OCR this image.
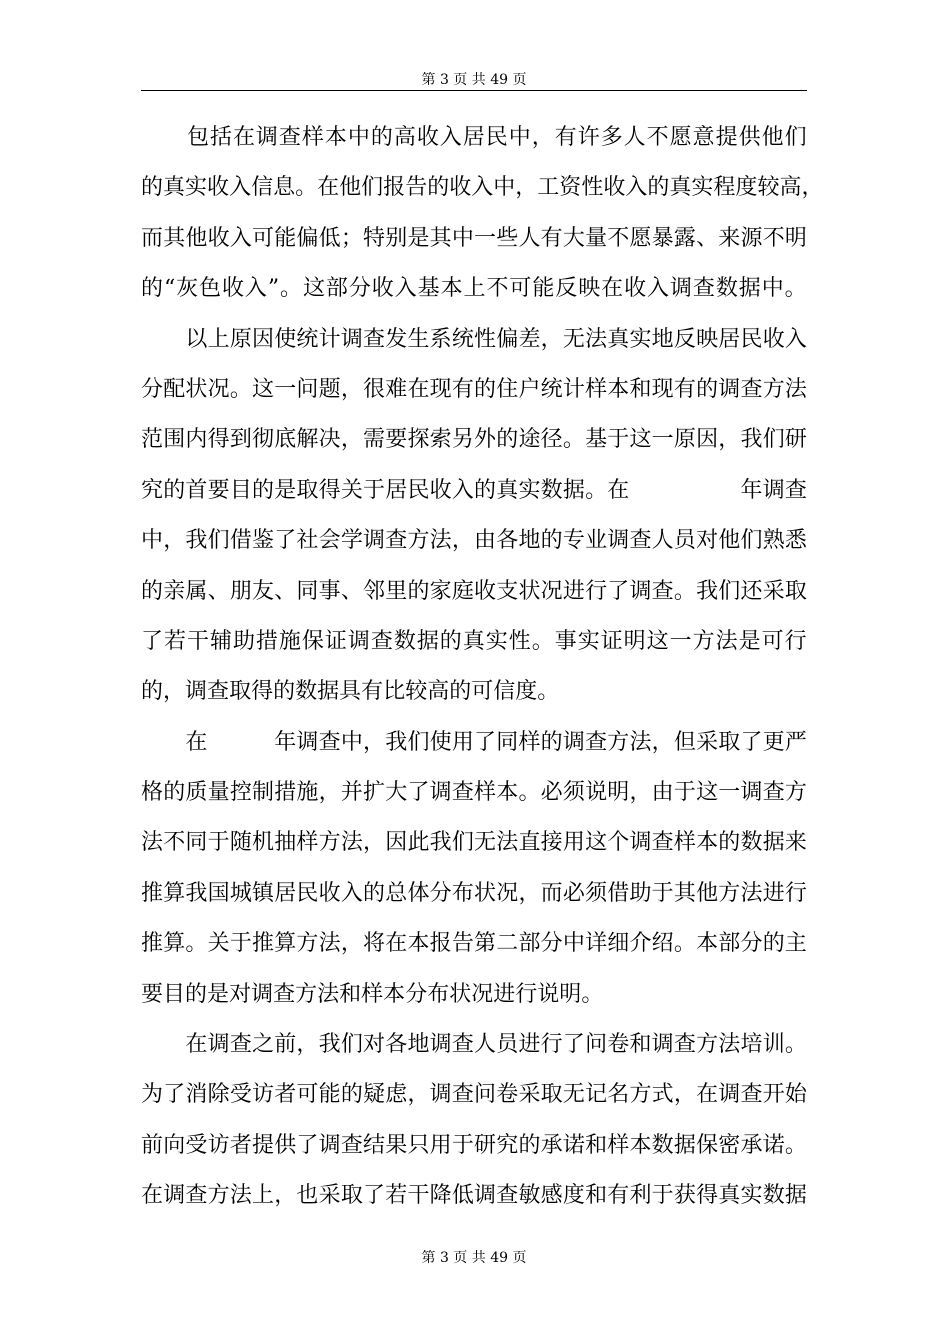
第 3 页 共 49 页

包 括 在 调 查 样 本 中 的 高 收 入 居 民 中 ， 有 许 多 人 不 愿 意 提 供 他 们
的 真 实 收 入 信 息 。 在 他 们 报 告 的 收 入 中 ， 工 资 性 收 入 的 真 实 程 度 较 高 ，
而 其 他 收 入 可 能 偏 低 ； 特 别 是 其 中 一 些 人 有 大 量 不 愿 暴 露 、 来 源 不 明
的 “ 灰 色 收 入 ” 。 这 部 分 收 入 基 本 上 不 可 能 反 映 在 收 入 调 查 数 据 中 。

以 上 原 因 使 统 计 调 查 发 生 系 统 性 偏 差 ， 无 法 真 实 地 反 映 居 民 收 入
分 配 状 况 。 这 一 问 题 ， 很 难 在 现 有 的 住 户 统 计 样 本 和 现 有 的 调 查 方 法
范 围 内 得 到 彻 底 解 决 ， 需 要 探 索 另 外 的 途 径 。 基 于 这 一 原 因 ， 我 们 研
究 的 首 要 目 的 是 取 得 关 于 居 民 收 入 的 真 实 数 据 。 在

　	年 调 查
中 ， 我 们 借 鉴 了 社 会 学 调 查 方 法 ， 由 各 地 的 专 业 调 查 人 员 对 他 们 熟 悉
的 亲 属 、 朋 友 、 同 事 、 邻 里 的 家 庭 收 支 状 况 进 行 了 调 查 。 我 们 还 采 取
了 若 干 辅 助 措 施 保 证 调 查 数 据 的 真 实 性 。 事 实 证 明 这 一 方 法 是 可 行
的 ， 调 查 取 得 的 数 据 具 有 比 较 高 的 可 信 度 。

在

　	年 调 查 中 ， 我 们 使 用 了 同 样 的 调 查 方 法 ， 但 采 取 了 更 严
格 的 质 量 控 制 措 施 ， 并 扩 大 了 调 查 样 本 。 必 须 说 明 ， 由 于 这 一 调 查 方
法 不 同 于 随 机 抽 样 方 法 ， 因 此 我 们 无 法 直 接 用 这 个 调 查 样 本 的 数 据 来
推 算 我 国 城 镇 居 民 收 入 的 总 体 分 布 状 况 ， 而 必 须 借 助 于 其 他 方 法 进 行
推 算 。 关 于 推 算 方 法 ， 将 在 本 报 告 第 二 部 分 中 详 细 介 绍 。 本 部 分 的 主
要 目 的 是 对 调 查 方 法 和 样 本 分 布 状 况 进 行 说 明 。

在 调 查 之 前 ， 我 们 对 各 地 调 查 人 员 进 行 了 问 卷 和 调 查 方 法 培 训 。
为 了 消 除 受 访 者 可 能 的 疑 虑 ， 调 查 问 卷 采 取 无 记 名 方 式 ， 在 调 查 开 始
前 向 受 访 者 提 供 了 调 查 结 果 只 用 于 研 究 的 承 诺 和 样 本 数 据 保 密 承 诺 。
在 调 查 方 法 上 ， 也 采 取 了 若 干 降 低 调 查 敏 感 度 和 有 利 于 获 得 真 实 数 据
第 3 页 共 49 页
